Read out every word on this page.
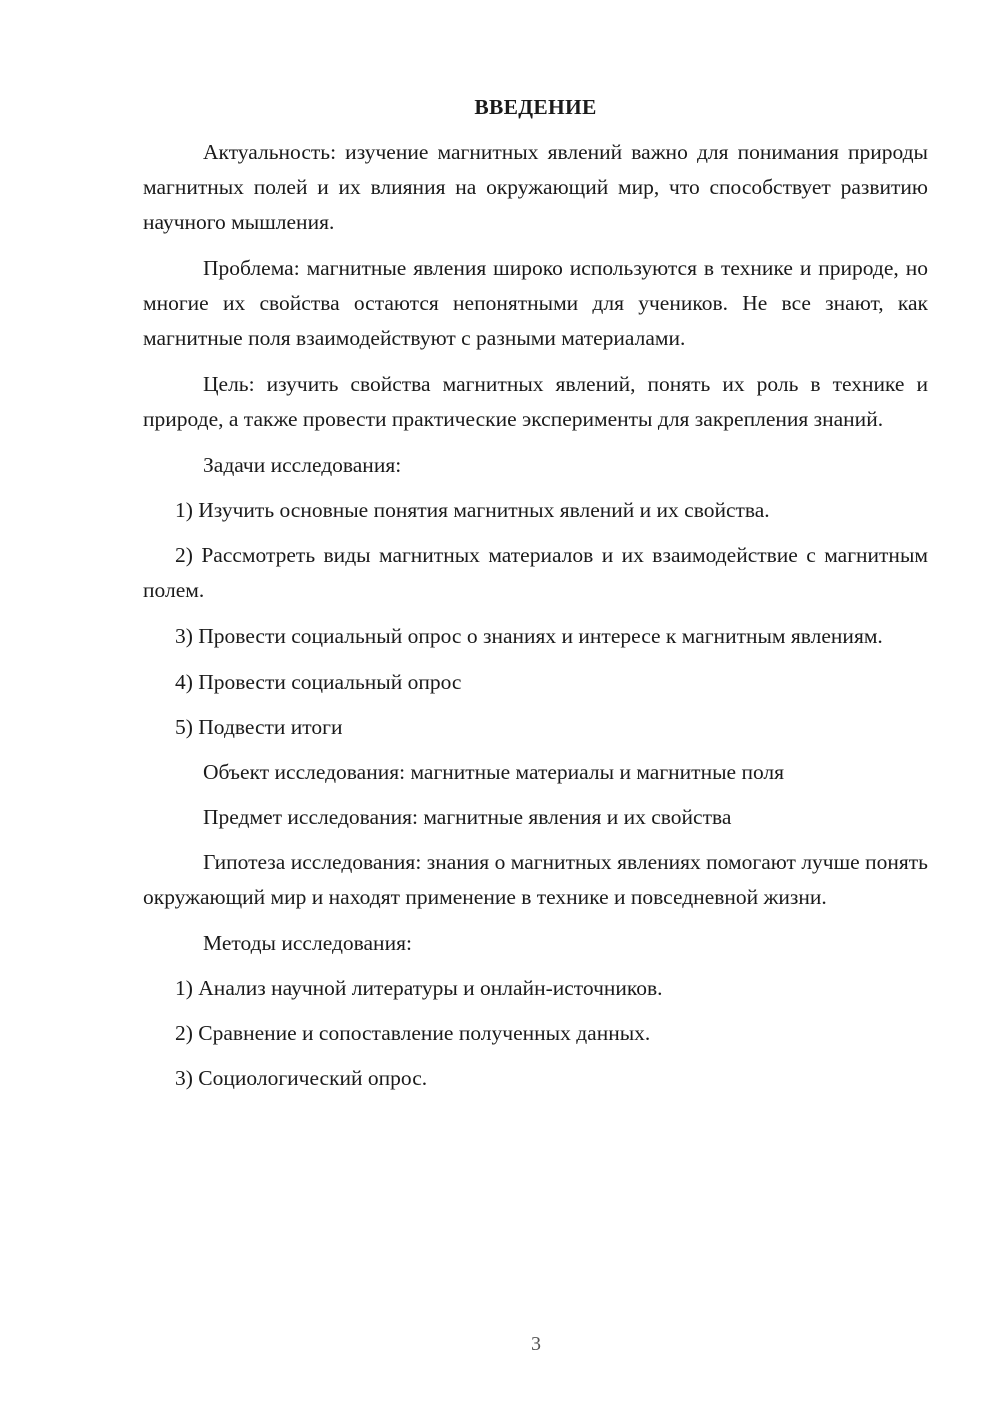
ВВЕДЕНИЕ

Актуальность: изучение магнитных явлений важно для понимания природы магнитных полей и их влияния на окружающий мир, что способствует развитию научного мышления.

Проблема: магнитные явления широко используются в технике и природе, но многие их свойства остаются непонятными для учеников. Не все знают, как магнитные поля взаимодействуют с разными материалами.

Цель: изучить свойства магнитных явлений, понять их роль в технике и природе, а также провести практические эксперименты для закрепления знаний.

Задачи исследования:

1) Изучить основные понятия магнитных явлений и их свойства.

2) Рассмотреть виды магнитных материалов и их взаимодействие с магнитным полем.

3) Провести социальный опрос о знаниях и интересе к магнитным явлениям.

4) Провести социальный опрос

5) Подвести итоги

Объект исследования: магнитные материалы и магнитные поля

Предмет исследования: магнитные явления и их свойства

Гипотеза исследования: знания о магнитных явлениях помогают лучше понять окружающий мир и находят применение в технике и повседневной жизни.

Методы исследования:

1) Анализ научной литературы и онлайн-источников.

2) Сравнение и сопоставление полученных данных.

3) Социологический опрос.

3
